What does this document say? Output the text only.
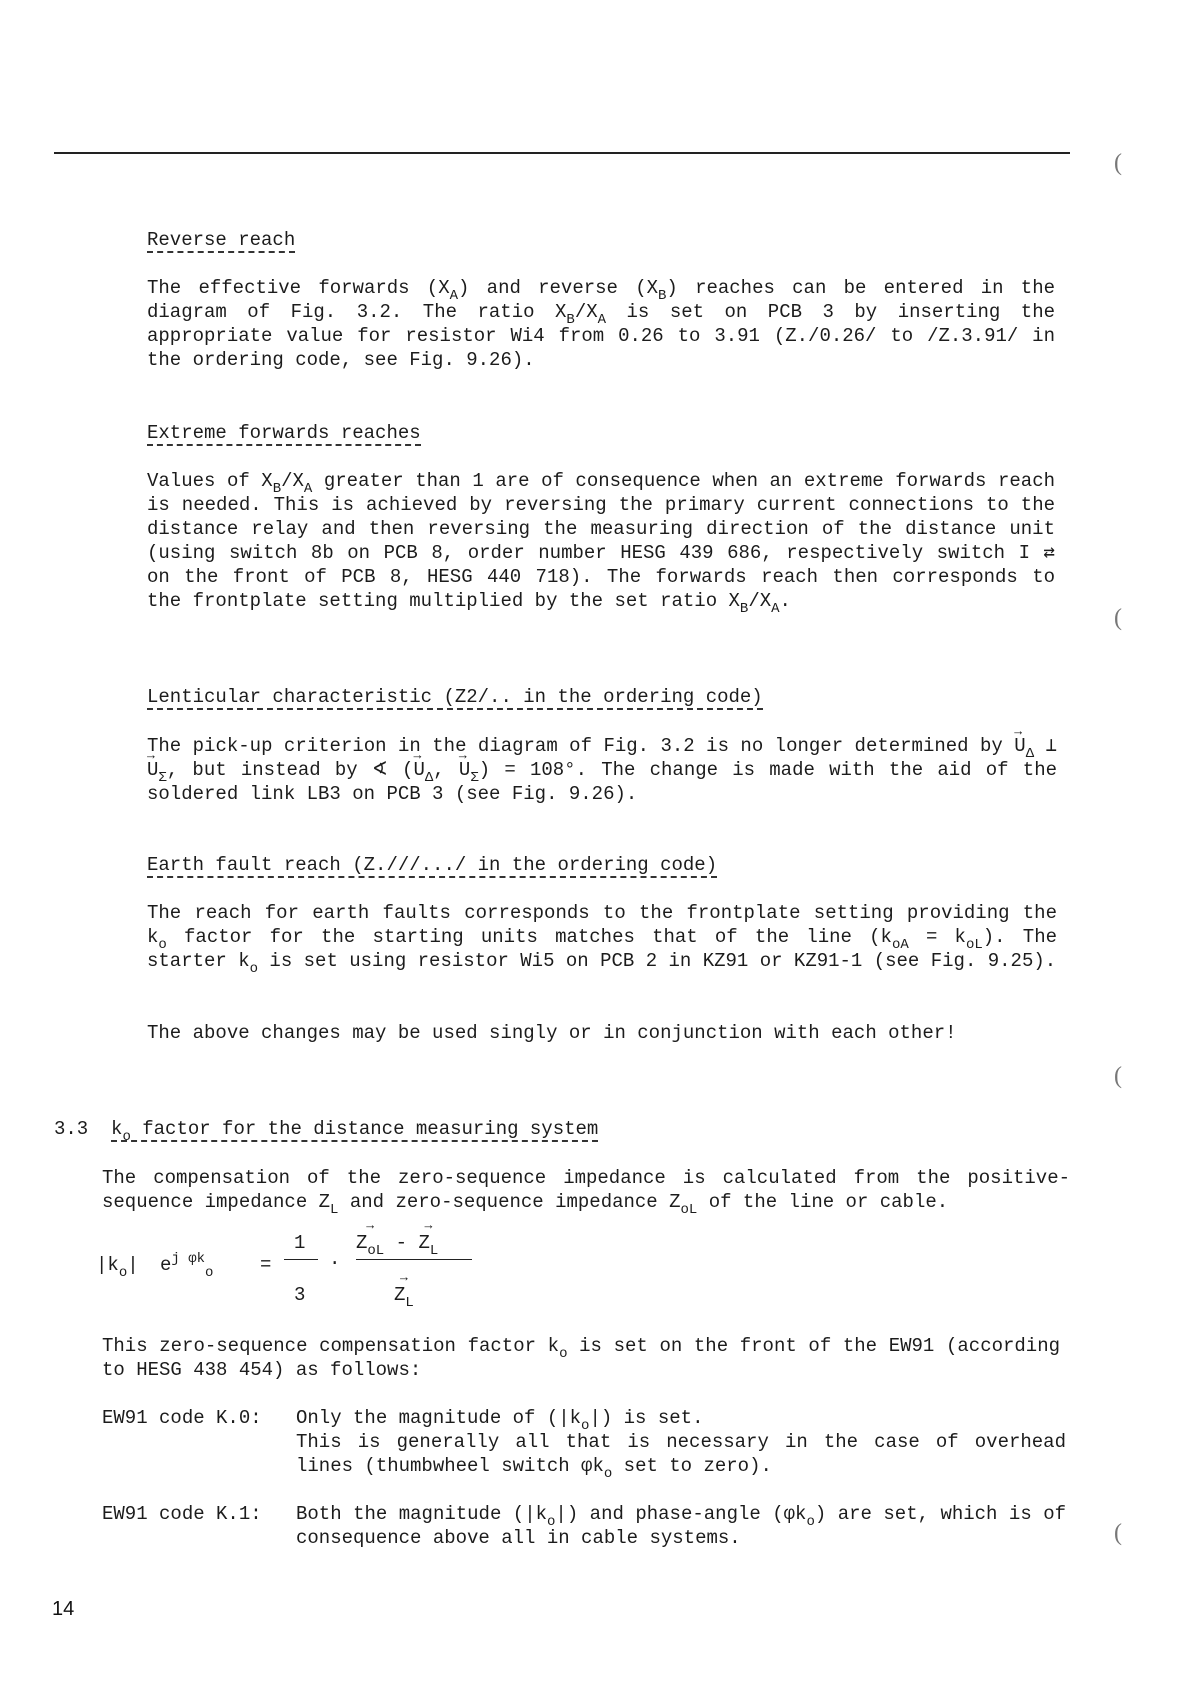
(
(
(
(
Reverse reach
The effective forwards $(X_A)$ and reverse $(X_B)$ reaches can be entered in the diagram of Fig. 3.2. The ratio $X_B/X_A$ is set on PCB 3 by inserting the appropriate value for resistor Wi4 from 0.26 to 3.91 (Z./0.26/ to /Z.3.91/ in the ordering code, see Fig. 9.26).
Extreme forwards reaches
Values of $X_B/X_A$ greater than 1 are of consequence when an extreme forwards reach is needed. This is achieved by reversing the primary current connections to the distance relay and then reversing the measuring direction of the distance unit (using switch 8b on PCB 8, order number HESG 439 686, respectively switch I ⇄ on the front of PCB 8, HESG 440 718). The forwards reach then corresponds to the frontplate setting multiplied by the set ratio $X_B/X_A$.
Lenticular characteristic (Z2/.. in the ordering code)
The pick-up criterion in the diagram of Fig. 3.2 is no longer determined by → $U_\Delta$ ⊥ → $U_\Sigma$, but instead by ∢ (→ $U_\Delta$, → $U_\Sigma) = 108^\circ$. The change is made with the aid of the soldered link LB3 on PCB 3 (see Fig. 9.26).
Earth fault reach (Z.///.../ in the ordering code)
The reach for earth faults corresponds to the frontplate setting providing the $k_o$ factor for the starting units matches that of the line $(k_{oA} = k_{oL})$. The starter $k_o$ is set using resistor Wi5 on PCB 2 in KZ91 or KZ91-1 (see Fig. 9.25).
The above changes may be used singly or in conjunction with each other!
3.3 $k_o$ factor for the distance measuring system
The compensation of the zero-sequence impedance is calculated from the positive-sequence impedance $Z_L$ and zero-sequence impedance $Z_{oL}$ of the line or cable.
$|k_o|$ $e^j$ $^{\varphi k}_o$ =
1
3
·
→ $Z_{oL}$ - → $Z_L$
→ $Z_L$
This zero-sequence compensation factor $k_o$ is set on the front of the EW91 (according to HESG 438 454) as follows:
EW91 code K.0: Only the magnitude of $(|k_o|)$ is set.
This is generally all that is necessary in the case of overhead lines (thumbwheel switch $\varphi k_o$ set to zero).
EW91 code K.1: Both the magnitude $(|k_o|)$ and phase-angle $(\varphi k_o)$ are set, which is of consequence above all in cable systems.
14
